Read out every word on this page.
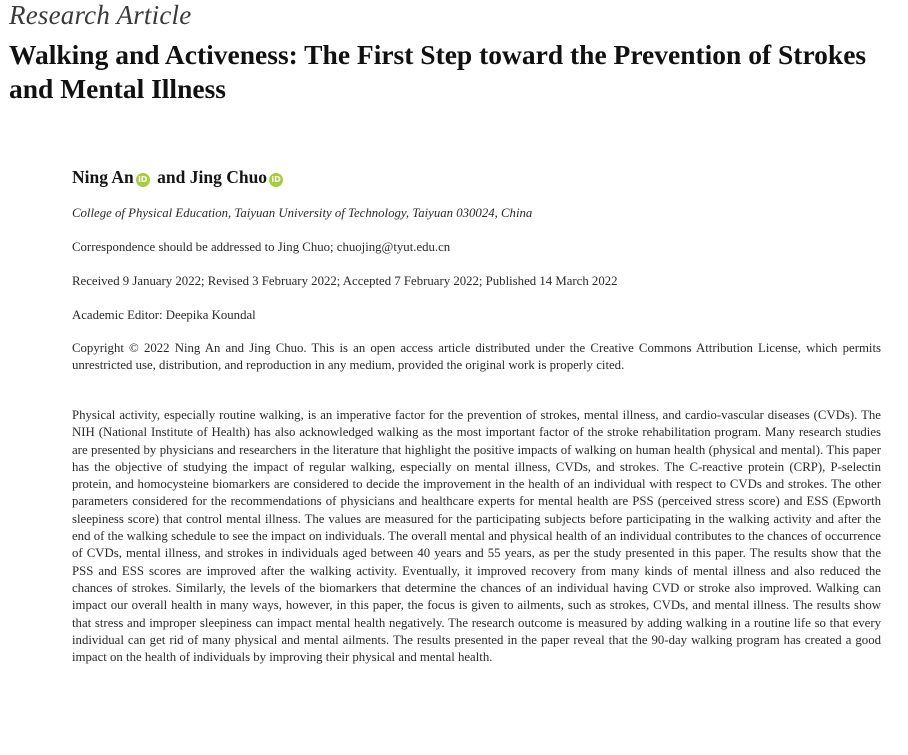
Research Article
Walking and Activeness: The First Step toward the Prevention of Strokes and Mental Illness
Ning An iD and Jing Chuo iD
College of Physical Education, Taiyuan University of Technology, Taiyuan 030024, China
Correspondence should be addressed to Jing Chuo; chuojing@tyut.edu.cn
Received 9 January 2022; Revised 3 February 2022; Accepted 7 February 2022; Published 14 March 2022
Academic Editor: Deepika Koundal
Copyright © 2022 Ning An and Jing Chuo. This is an open access article distributed under the Creative Commons Attribution License, which permits unrestricted use, distribution, and reproduction in any medium, provided the original work is properly cited.
Physical activity, especially routine walking, is an imperative factor for the prevention of strokes, mental illness, and cardio-vascular diseases (CVDs). The NIH (National Institute of Health) has also acknowledged walking as the most important factor of the stroke rehabilitation program. Many research studies are presented by physicians and researchers in the literature that highlight the positive impacts of walking on human health (physical and mental). This paper has the objective of studying the impact of regular walking, especially on mental illness, CVDs, and strokes. The C-reactive protein (CRP), P-selectin protein, and homocysteine biomarkers are considered to decide the improvement in the health of an individual with respect to CVDs and strokes. The other parameters considered for the recommendations of physicians and healthcare experts for mental health are PSS (perceived stress score) and ESS (Epworth sleepiness score) that control mental illness. The values are measured for the participating subjects before participating in the walking activity and after the end of the walking schedule to see the impact on individuals. The overall mental and physical health of an individual contributes to the chances of occurrence of CVDs, mental illness, and strokes in individuals aged between 40 years and 55 years, as per the study presented in this paper. The results show that the PSS and ESS scores are improved after the walking activity. Eventually, it improved recovery from many kinds of mental illness and also reduced the chances of strokes. Similarly, the levels of the biomarkers that determine the chances of an individual having CVD or stroke also improved. Walking can impact our overall health in many ways, however, in this paper, the focus is given to ailments, such as strokes, CVDs, and mental illness. The results show that stress and improper sleepiness can impact mental health negatively. The research outcome is measured by adding walking in a routine life so that every individual can get rid of many physical and mental ailments. The results presented in the paper reveal that the 90-day walking program has created a good impact on the health of individuals by improving their physical and mental health.
